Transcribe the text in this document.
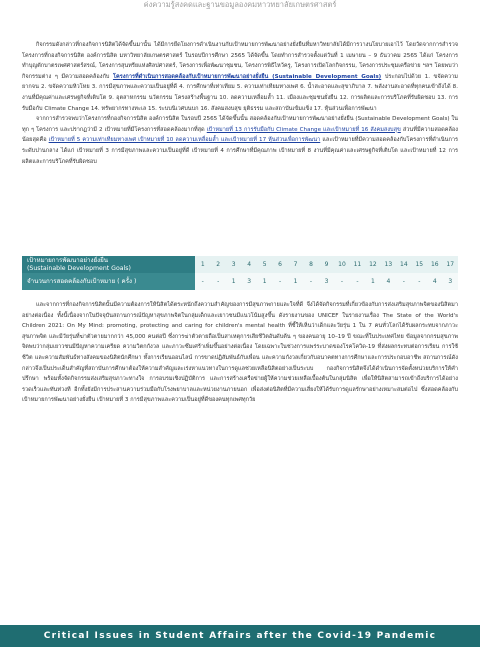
ค่งความรู้สงคดและฐานขอมูลองคมหาวทยาลัยเกษตรศาสตร์

กิจกรรมดังกล่าวที่กองกิจการนิสิตได้จัดขึ้นมานั้น ได้มีการยึดโยงการดำเนินงานกับเป้าหมายการพัฒนาอย่างยั่งยืนที่มหาวิทยาลัยได้มีการวางนโยบายเอาไว้ โดยวัดจากการสำรวจโครงการที่กองกิจการนิสิต องค์การนิสิต มหาวิทยาลัยเกษตรศาสตร์ ในรอบปีการศึกษา 2565 ได้จัดขึ้น โดยทำการสำรวจตั้งแต่วันที่ 1 เมษายน – 9 ธันวาคม 2565 ได้แก่ โครงการทำบุญตักบาตรเพศศาสตร์สรณ์, โครงการสุนทรียแห่งศิลปศาสตร์, โครงการเพื่อพัฒนาชุมชน, โครงการพิธีไหว้ครู, โครงการเปิดโลกกิจกรรม, โครงการประชุมเครือข่าย ฯลฯ โดยพบว่ากิจกรรมต่าง ๆ มีความสอดคล้องกับ โครงการที่ดำเนินการสอดคล้องกับเป้าหมายการพัฒนาอย่างยั่งยืน (Sustainable Development Goals) ประกอบไปด้วย 1. ขจัดความยากจน 2. ขจัดความหิวโหย 3. การมีสุขภาพและความเป็นอยู่ที่ดี 4. การศึกษาที่เท่าเทียม 5. ความเท่าเทียมทางเพศ 6. น้ำสะอาดและสุขาภิบาล 7. พลังงานสะอาดที่ทุกคนเข้าถึงได้ 8. งานที่มีคุณค่าและเศรษฐกิจที่เติบโต 9. อุตสาหกรรม นวัตกรรม โครงสร้างพื้นฐาน 10. ลดความเหลื่อมล้ำ 11. เมืองและชุมชนยั่งยืน 12. การผลิตและการบริโภคที่รับผิดชอบ 13. การรับมือกับ Climate Change 14. ทรัพยากรทางทะเล 15. ระบบนิเวศบนบก 16. สังคมสงบสุข ยุติธรรม และสถาบันเข้มแข็ง 17. หุ้นส่วนเพื่อการพัฒนา

จากการสำรวจพบว่าโครงการที่กองกิจการนิสิต องค์การนิสิต ในรอบปี 2565 ได้จัดขึ้นนั้น สอดคล้องกับเป้าหมายการพัฒนาอย่างยั่งยืน (Sustainable Development Goals) ในทุก ๆ โครงการ และปรากฏว่ามี 2 เป้าหมายที่มีโครงการที่สอดคล้องมากที่สุด เป้าหมายที่ 13 การรับมือกับ Climate Change และเป้าหมายที่ 16 สังคมสงบสุข ส่วนที่มีความสอดคล้องน้อยสุดคือ เป้าหมายที่ 5 ความเท่าเทียมทางเพศ เป้าหมายที่ 10 ลดความเหลื่อมล้ำ และเป้าหมายที่ 17 หุ้นส่วนเพื่อการพัฒนา และเป้าหมายที่มีความสอดคล้องกับโครงการที่ดำเนินการระดับปานกลาง ได้แก่ เป้าหมายที่ 3 การมีสุขภาพและความเป็นอยู่ที่ดี เป้าหมายที่ 4 การศึกษาที่มีคุณภาพ เป้าหมายที่ 8 งานที่มีคุณค่าและเศรษฐกิจที่เติบโต และเป้าหมายที่ 12 การผลิตและการบริโภคที่รับผิดชอบ

เป้าหมายการพัฒนาอย่างยั่งยืน
(Sustainable Development Goals)	1	2	3	4	5	6	7	8	9	10	11	12	13	14	15	16	17
จำนวนการสอดคล้องกับเป้าหมาย ( ครั้ง )	-	-	1	3	1	-	1	-	3	-	-	1	4	-	-	4	3

และจากการที่กองกิจการนิสิตนั้นมีความต้องการให้นิสิตได้ตระหนักถึงความสำคัญของการมีสุขภาพกายและใจที่ดี จึงได้จัดกิจกรรมที่เกี่ยวข้องกับการส่งเสริมสุขภาพจิตของนิสิตมาอย่างต่อเนื่อง ทั้งนี้เนื่องจากในปัจจุบันสถานการณ์ปัญหาสุขภาพจิตในกลุ่มเด็กและเยาวชนมีแนวโน้มสูงขึ้น ดังรายงานของ UNICEF ในรายงานเรื่อง The State of the World's Children 2021: On My Mind: promoting, protecting and caring for children's mental health ที่ชี้ให้เห็นว่าเด็กและวัยรุ่น 1 ใน 7 คนทั่วโลกได้รับผลกระทบจากภาวะสุขภาพจิต และมีวัยรุ่นที่ฆ่าตัวตายมากกว่า 45,000 คนต่อปี ซึ่งการฆ่าตัวตายถือเป็นสาเหตุการเสียชีวิตอันดับต้น ๆ ของคนอายุ 10–19 ปี ขณะที่ในประเทศไทย ข้อมูลจากกรมสุขภาพจิตพบว่ากลุ่มเยาวชนมีปัญหาความเครียด ความวิตกกังวล และภาวะซึมเศร้าเพิ่มขึ้นอย่างต่อเนื่อง โดยเฉพาะในช่วงการแพร่ระบาดของโรคโควิด-19 ที่ส่งผลกระทบต่อการเรียน การใช้ชีวิต และความสัมพันธ์ทางสังคมของนิสิตนักศึกษา ทั้งการเรียนออนไลน์ การขาดปฏิสัมพันธ์กับเพื่อน และความกังวลเกี่ยวกับอนาคตทางการศึกษาและการประกอบอาชีพ สถานการณ์ดังกล่าวจึงเป็นประเด็นสำคัญที่สถาบันการศึกษาต้องให้ความสำคัญและเร่งหาแนวทางในการดูแลช่วยเหลือนิสิตอย่างเป็นระบบ กองกิจการนิสิตจึงได้ดำเนินการจัดตั้งหน่วยบริการให้คำปรึกษา พร้อมทั้งจัดกิจกรรมส่งเสริมสุขภาวะทางใจ การอบรมเชิงปฏิบัติการ และการสร้างเครือข่ายผู้ให้ความช่วยเหลือเบื้องต้นในกลุ่มนิสิต เพื่อให้นิสิตสามารถเข้าถึงบริการได้อย่างรวดเร็วและทันท่วงที อีกทั้งยังมีการประสานความร่วมมือกับโรงพยาบาลและหน่วยงานภายนอก เพื่อส่งต่อนิสิตที่มีความเสี่ยงให้ได้รับการดูแลรักษาอย่างเหมาะสมต่อไป ซึ่งสอดคล้องกับเป้าหมายการพัฒนาอย่างยั่งยืน เป้าหมายที่ 3 การมีสุขภาพและความเป็นอยู่ที่ดีของคนทุกเพศทุกวัย

Critical Issues in Student Affairs after the Covid-19 Pandemic
